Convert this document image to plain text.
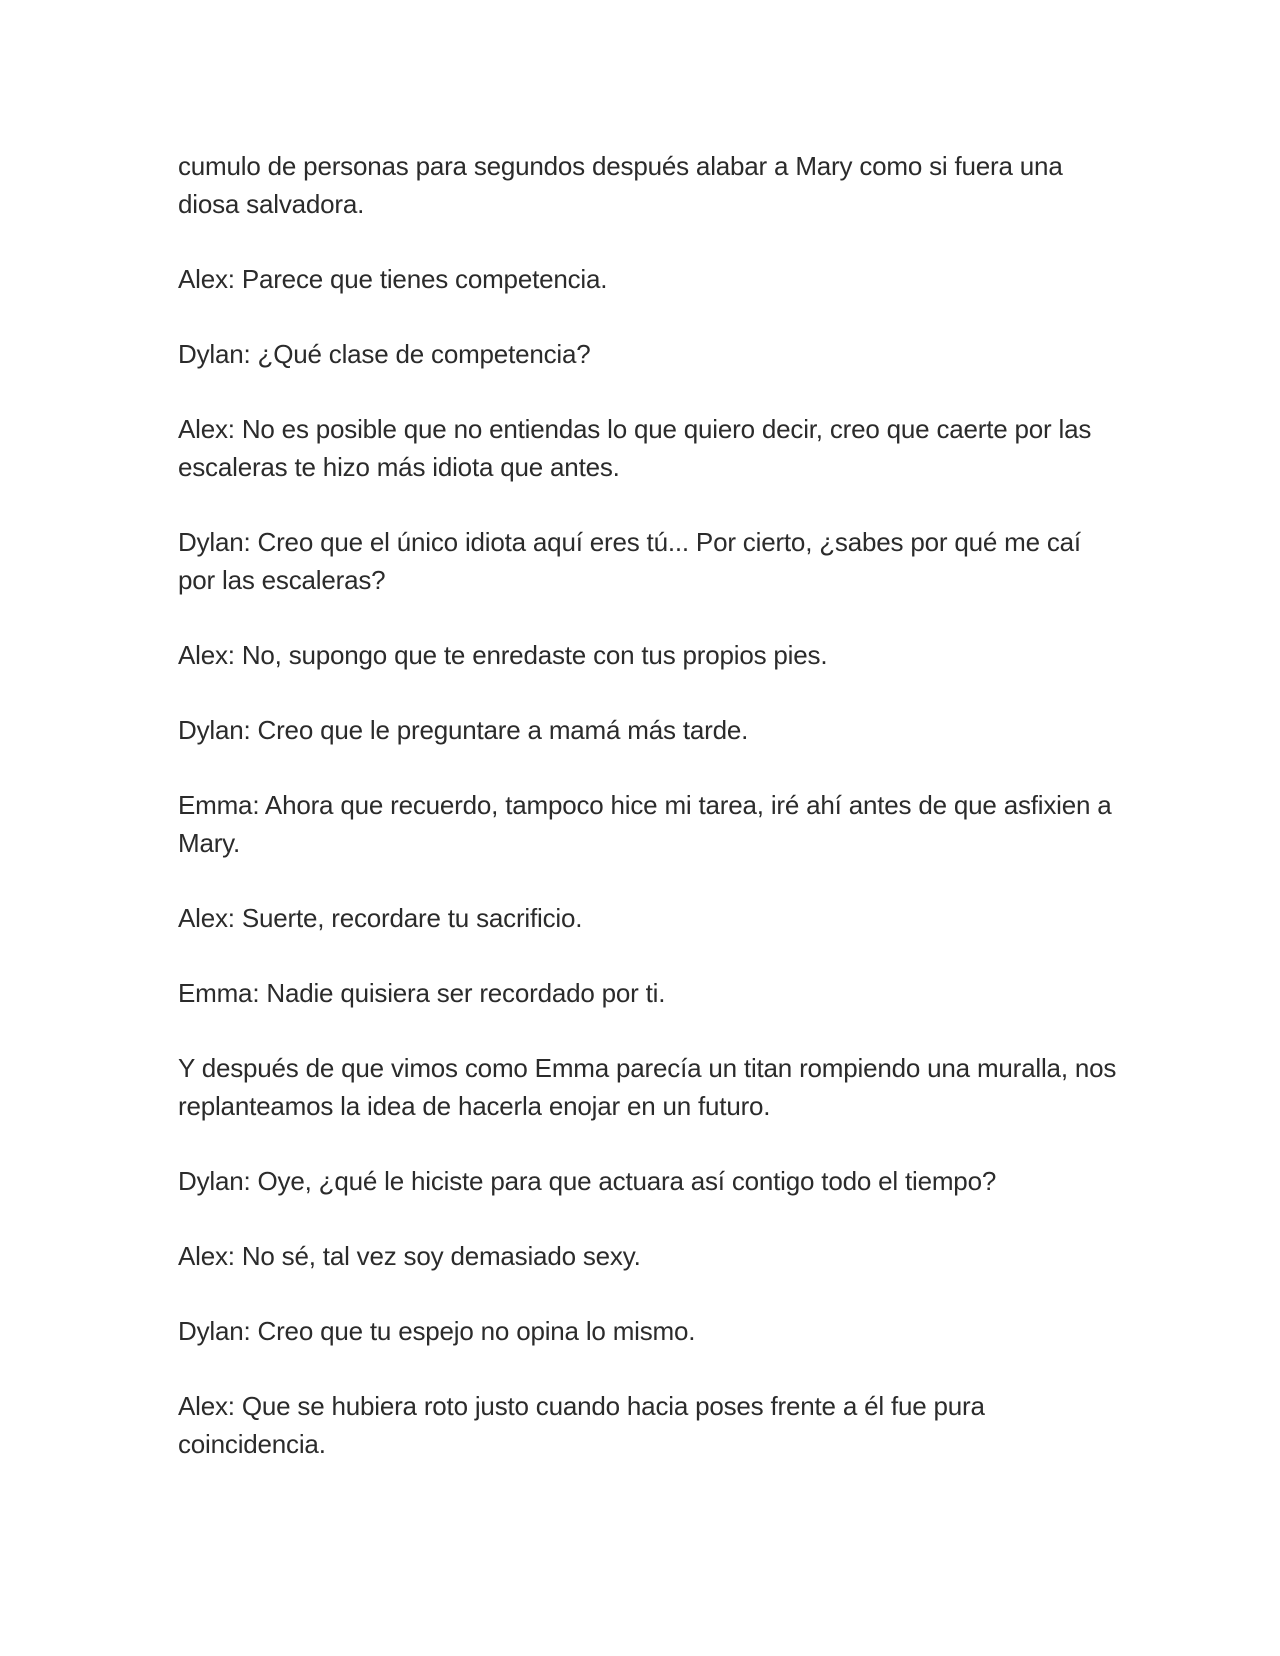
cumulo de personas para segundos después alabar a Mary como si fuera una diosa salvadora.

Alex: Parece que tienes competencia.

Dylan: ¿Qué clase de competencia?

Alex: No es posible que no entiendas lo que quiero decir, creo que caerte por las escaleras te hizo más idiota que antes.

Dylan: Creo que el único idiota aquí eres tú... Por cierto, ¿sabes por qué me caí por las escaleras?

Alex: No, supongo que te enredaste con tus propios pies.

Dylan: Creo que le preguntare a mamá más tarde.

Emma: Ahora que recuerdo, tampoco hice mi tarea, iré ahí antes de que asfixien a Mary.

Alex: Suerte, recordare tu sacrificio.

Emma: Nadie quisiera ser recordado por ti.

Y después de que vimos como Emma parecía un titan rompiendo una muralla, nos replanteamos la idea de hacerla enojar en un futuro.

Dylan: Oye, ¿qué le hiciste para que actuara así contigo todo el tiempo?

Alex: No sé, tal vez soy demasiado sexy.

Dylan: Creo que tu espejo no opina lo mismo.

Alex: Que se hubiera roto justo cuando hacia poses frente a él fue pura coincidencia.
